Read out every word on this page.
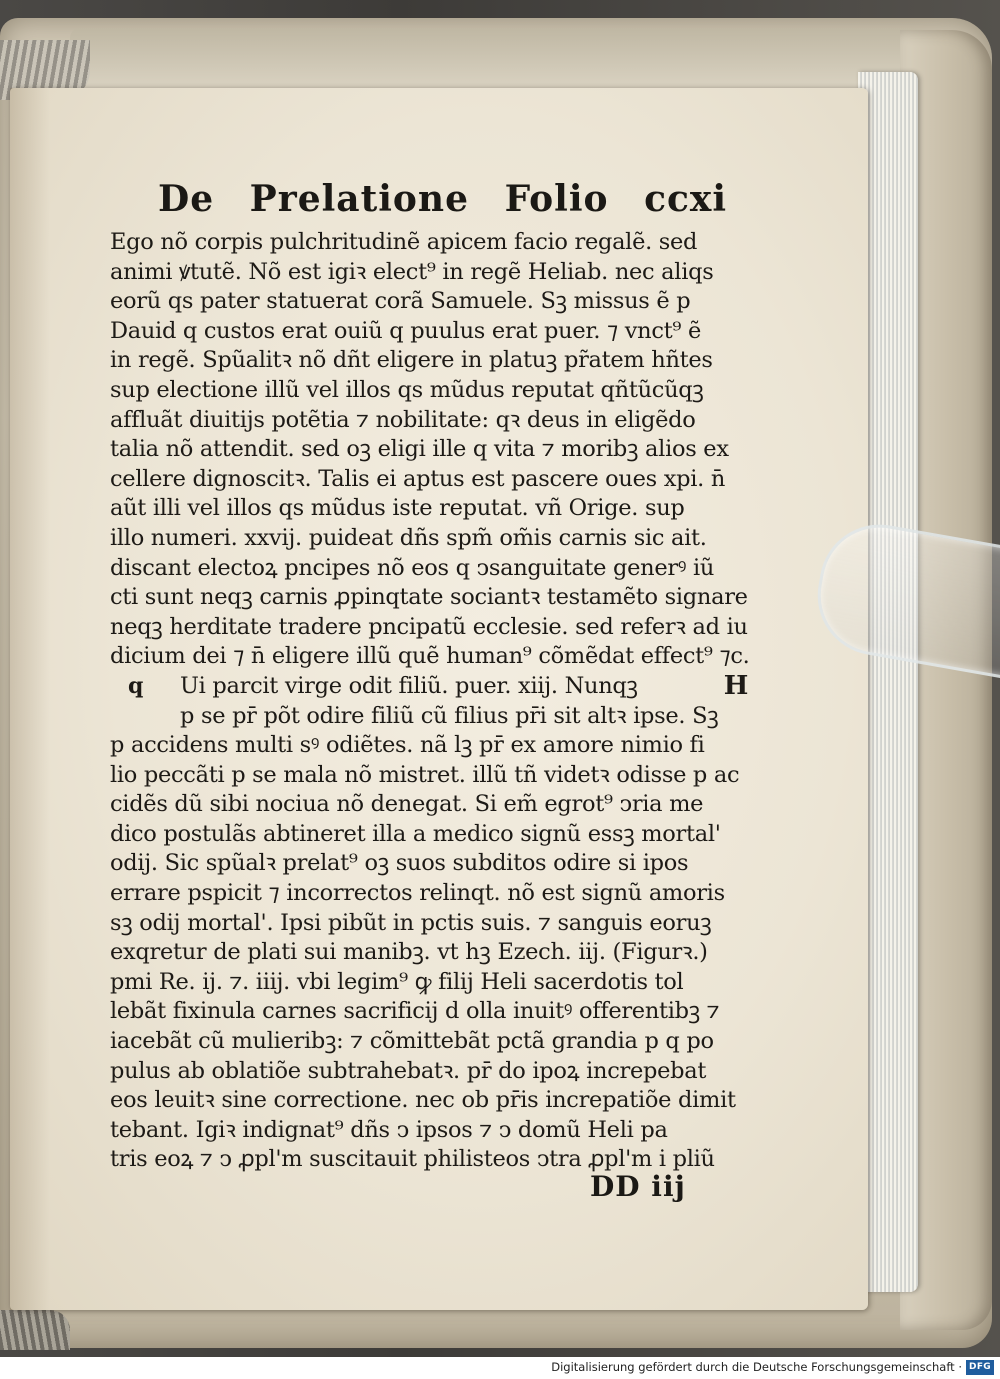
De Prelatione Folio ccxi
Ego nõ corpis pulchritudinẽ apicem facio regalẽ. sed
animi ꝟtutẽ. Nõ est igiꝛ elect⁹ in regẽ Heliab. nec aliqs
eorũ qs pater statuerat corã Samuele. Sꝫ missus ẽ p
Dauid q custos erat ouiũ q puulus erat puer. ⁊ vnct⁹ ẽ
in regẽ. Spũalitꝛ nõ dñt eligere in platuꝫ pr̃atem hñtes
sup electione illũ vel illos qs mũdus reputat qñtũcũqꝫ
affluãt diuitijs potẽtia ⁊ nobilitate: qꝛ deus in eligẽdo
talia nõ attendit. sed oꝫ eligi ille q vita ⁊ moribꝫ alios ex
cellere dignoscitꝛ. Talis ei aptus est pascere oues xpi. n̄
aũt illi vel illos qs mũdus iste reputat. vñ Orige. sup
illo numeri. xxvij. puideat dñs spm̃ om̃is carnis sic ait.
discant electoꝝ pncipes nõ eos q ↄsanguitate generꝰ iũ
cti sunt neqꝫ carnis ꝓpinqtate sociantꝛ testamẽto signare
neqꝫ herditate tradere pncipatũ ecclesie. sed referꝛ ad iu
dicium dei ⁊ n̄ eligere illũ quẽ human⁹ cõmẽdat effect⁹ ⁊c.
q Ui parcit virge odit filiũ. puer. xiij. Nunqꝫ	H
p se pr̄ põt odire filiũ cũ filius pr̄i sit altꝛ ipse. Sꝫ
p accidens multi sꝰ odiẽtes. nã lꝫ pr̄ ex amore nimio fi
lio peccãti p se mala nõ mistret. illũ tñ videtꝛ odisse p ac
cidẽs dũ sibi nociua nõ denegat. Si em̃ egrot⁹ ↄria me
dico postulãs abtineret illa a medico signũ essꝫ mortal'
odij. Sic spũalꝛ prelat⁹ oꝫ suos subditos odire si ipos
errare pspicit ⁊ incorrectos relinqt. nõ est signũ amoris
sꝫ odij mortal'. Ipsi pibũt in pctis suis. ⁊ sanguis eoruꝫ
exqretur de plati sui manibꝫ. vt hꝫ Ezech. iij. (Figurꝛ.)
pmi Re. ij. ⁊. iiij. vbi legim⁹ ꝙ filij Heli sacerdotis tol
lebãt fixinula carnes sacrificij d olla inuitꝰ offerentibꝫ ⁊
iacebãt cũ mulieribꝫ: ⁊ cõmittebãt pctã grandia p q po
pulus ab oblatiõe subtrahebatꝛ. pr̄ do ipoꝝ increpebat
eos leuitꝛ sine correctione. nec ob pr̄is increpatiõe dimit
tebant. Igiꝛ indignat⁹ dñs ↄ ipsos ⁊ ↄ domũ Heli pa
tris eoꝝ ⁊ ↄ ꝓpl'm suscitauit philisteos ↄtra ꝓpl'm i pliũ
DD iij
Digitalisierung gefördert durch die Deutsche Forschungsgemeinschaft · DFG
